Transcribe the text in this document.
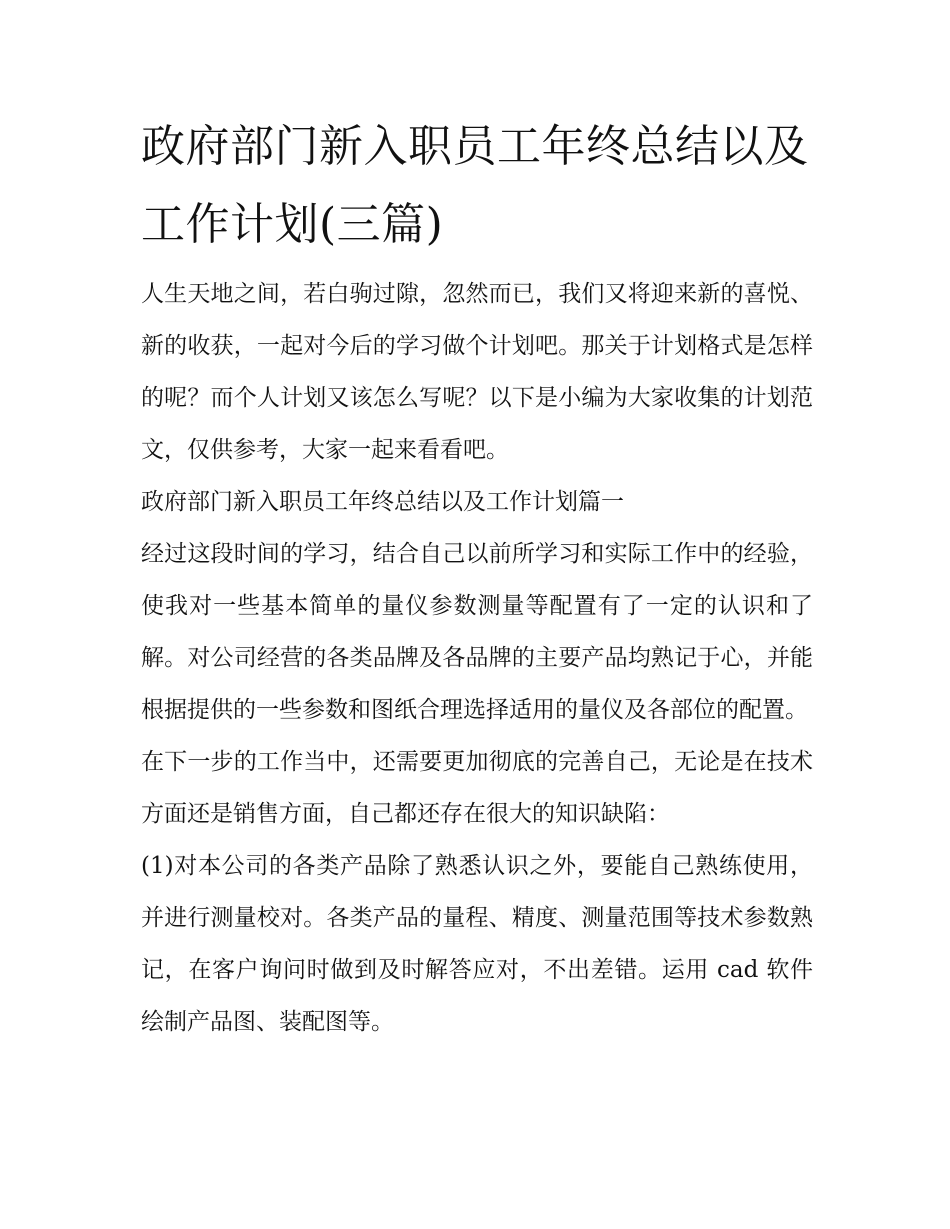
政府部门新入职员工年终总结以及工作计划(三篇)

人生天地之间，若白驹过隙，忽然而已，我们又将迎来新的喜悦、新的收获，一起对今后的学习做个计划吧。那关于计划格式是怎样的呢？而个人计划又该怎么写呢？以下是小编为大家收集的计划范文，仅供参考，大家一起来看看吧。

政府部门新入职员工年终总结以及工作计划篇一

经过这段时间的学习，结合自己以前所学习和实际工作中的经验，使我对一些基本简单的量仪参数测量等配置有了一定的认识和了解。对公司经营的各类品牌及各品牌的主要产品均熟记于心，并能根据提供的一些参数和图纸合理选择适用的量仪及各部位的配置。

在下一步的工作当中，还需要更加彻底的完善自己，无论是在技术方面还是销售方面，自己都还存在很大的知识缺陷：

(1)对本公司的各类产品除了熟悉认识之外，要能自己熟练使用，并进行测量校对。各类产品的量程、精度、测量范围等技术参数熟记，在客户询问时做到及时解答应对，不出差错。运用 cad 软件绘制产品图、装配图等。
